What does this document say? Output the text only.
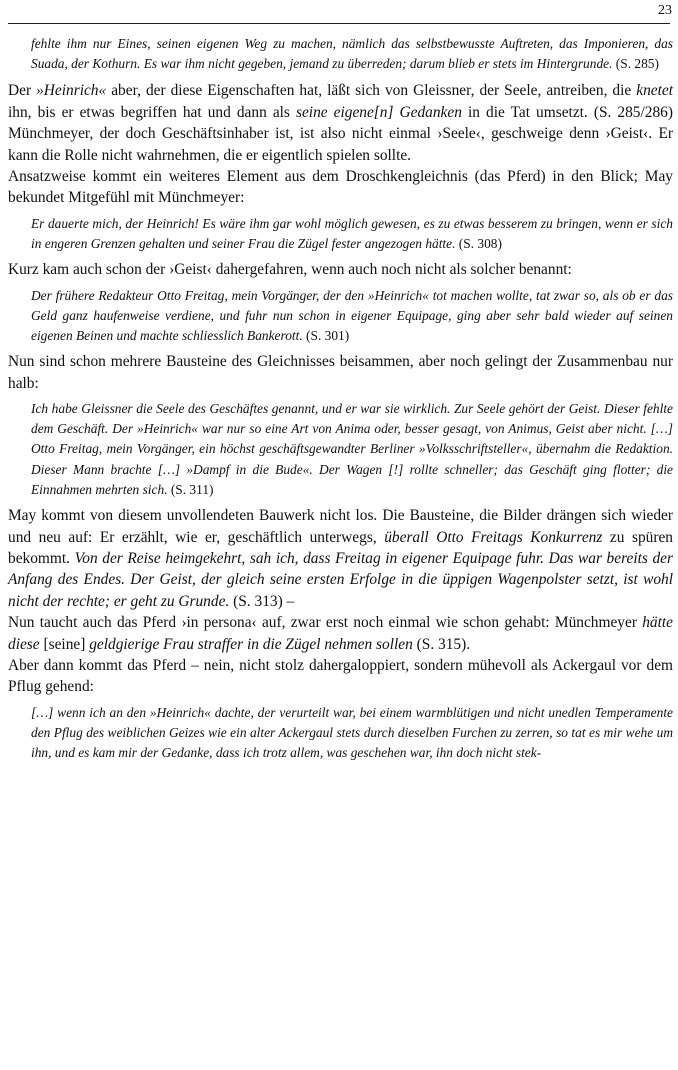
23
fehlte ihm nur Eines, seinen eigenen Weg zu machen, nämlich das selbstbewusste Auftreten, das Imponieren, das Suada, der Kothurn. Es war ihm nicht gegeben, jemand zu überreden; darum blieb er stets im Hintergrunde. (S. 285)

Der »Heinrich« aber, der diese Eigenschaften hat, läßt sich von Gleissner, der Seele, antreiben, die knetet ihn, bis er etwas begriffen hat und dann als seine eigene[n] Gedanken in die Tat umsetzt. (S. 285/286) Münchmeyer, der doch Geschäftsinhaber ist, ist also nicht einmal ›Seele‹, geschweige denn ›Geist‹. Er kann die Rolle nicht wahrnehmen, die er eigentlich spielen sollte.

Ansatzweise kommt ein weiteres Element aus dem Droschkengleichnis (das Pferd) in den Blick; May bekundet Mitgefühl mit Münchmeyer:

Er dauerte mich, der Heinrich! Es wäre ihm gar wohl möglich gewesen, es zu etwas besserem zu bringen, wenn er sich in engeren Grenzen gehalten und seiner Frau die Zügel fester angezogen hätte. (S. 308)

Kurz kam auch schon der ›Geist‹ dahergefahren, wenn auch noch nicht als solcher benannt:

Der frühere Redakteur Otto Freitag, mein Vorgänger, der den »Heinrich« tot machen wollte, tat zwar so, als ob er das Geld ganz haufenweise verdiene, und fuhr nun schon in eigener Equipage, ging aber sehr bald wieder auf seinen eigenen Beinen und machte schliesslich Bankerott. (S. 301)

Nun sind schon mehrere Bausteine des Gleichnisses beisammen, aber noch gelingt der Zusammenbau nur halb:

Ich habe Gleissner die Seele des Geschäftes genannt, und er war sie wirklich. Zur Seele gehört der Geist. Dieser fehlte dem Geschäft. Der »Heinrich« war nur so eine Art von Anima oder, besser gesagt, von Animus, Geist aber nicht. […] Otto Freitag, mein Vorgänger, ein höchst geschäftsgewandter Berliner »Volksschriftsteller«, übernahm die Redaktion. Dieser Mann brachte […] »Dampf in die Bude«. Der Wagen [!] rollte schneller; das Geschäft ging flotter; die Einnahmen mehrten sich. (S. 311)

May kommt von diesem unvollendeten Bauwerk nicht los. Die Bausteine, die Bilder drängen sich wieder und neu auf: Er erzählt, wie er, geschäftlich unterwegs, überall Otto Freitags Konkurrenz zu spüren bekommt. Von der Reise heimgekehrt, sah ich, dass Freitag in eigener Equipage fuhr. Das war bereits der Anfang des Endes. Der Geist, der gleich seine ersten Erfolge in die üppigen Wagenpolster setzt, ist wohl nicht der rechte; er geht zu Grunde. (S. 313) –

Nun taucht auch das Pferd ›in persona‹ auf, zwar erst noch einmal wie schon gehabt: Münchmeyer hätte diese [seine] geldgierige Frau straffer in die Zügel nehmen sollen (S. 315).

Aber dann kommt das Pferd – nein, nicht stolz dahergaloppiert, sondern mühevoll als Ackergaul vor dem Pflug gehend:

[…] wenn ich an den »Heinrich« dachte, der verurteilt war, bei einem warmblütigen und nicht unedlen Temperamente den Pflug des weiblichen Geizes wie ein alter Ackergaul stets durch dieselben Furchen zu zerren, so tat es mir wehe um ihn, und es kam mir der Gedanke, dass ich trotz allem, was geschehen war, ihn doch nicht stek-
